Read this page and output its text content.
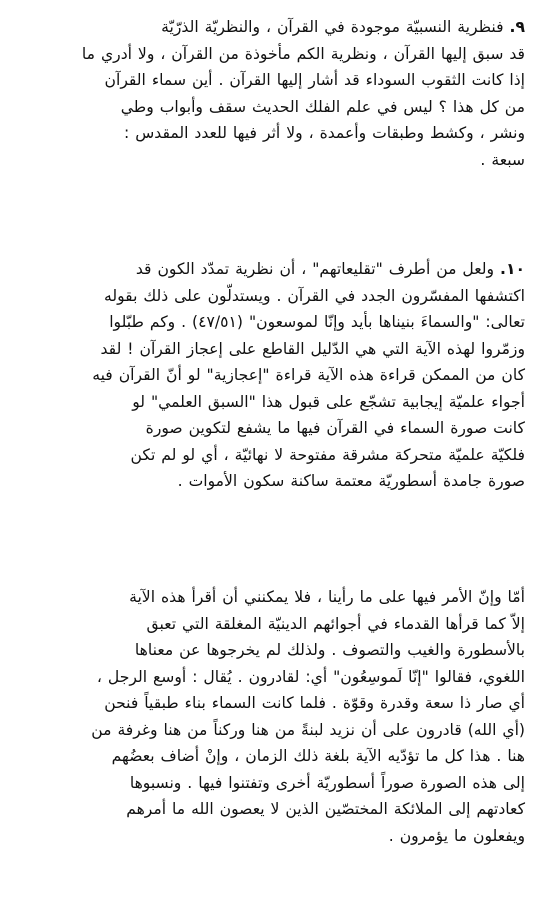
٩. فنظرية النسبيّة موجودة في القرآن ، والنظريّة الذرّيّة
قد سبق إليها القرآن ، ونظرية الكم مأخوذة من القرآن ، ولا أدري ما
إذا كانت الثقوب السوداء قد أشار إليها القرآن . أين سماء القرآن
من كل هذا ؟ ليس في علم الفلك الحديث سقف وأبواب وطي
ونشر ، وكشط وطبقات وأعمدة ، ولا أثر فيها للعدد المقدس :
سبعة .

١٠. ولعل من أطرف "تقليعاتهم" ، أن نظرية تمدّد الكون قد
اكتشفها المفسّرون الجدد في القرآن . ويستدلّون على ذلك بقوله
تعالى: "والسماءَ بنيناها بأيد وإنّا لموسعون" (٤٧/٥١) . وكم طبّلوا
وزمّروا لهذه الآية التي هي الدّليل القاطع على إعجاز القرآن ! لقد
كان من الممكن قراءة هذه الآية قراءة "إعجازية" لو أنّ القرآن فيه
أجواء علميّة إيجابية تشجّع على قبول هذا "السبق العلمي" لو
كانت صورة السماء في القرآن فيها ما يشفع لتكوين صورة
فلكيّة علميّة متحركة مشرقة مفتوحة لا نهائيّة ، أي لو لم تكن
صورة جامدة أسطوريّة معتمة ساكنة سكون الأموات .

أمّا وإنّ الأمر فيها على ما رأينا ، فلا يمكنني أن أقرأ هذه الآية
إلاّ كما قرأها القدماء في أجوائهم الدينيّة المغلقة التي تعبق
بالأسطورة والغيب والتصوف . ولذلك لم يخرجوها عن معناها
اللغوي، فقالوا "إنّا لَموسِعُون" أي: لقادرون . يُقال : أوسع الرجل ،
أي صار ذا سعة وقدرة وقوّة . فلما كانت السماء بناء طبقياً فنحن
(أي الله) قادرون على أن نزيد لبنةً من هنا وركناً من هنا وغرفة من
هنا . هذا كل ما تؤدّيه الآية بلغة ذلك الزمان ، وإنْ أضاف بعضُهم
إلى هذه الصورة صوراً أسطوريّة أخرى وتفتنوا فيها . ونسبوها
كعادتهم إلى الملائكة المختصّين الذين لا يعصون الله ما أمرهم
ويفعلون ما يؤمرون .
